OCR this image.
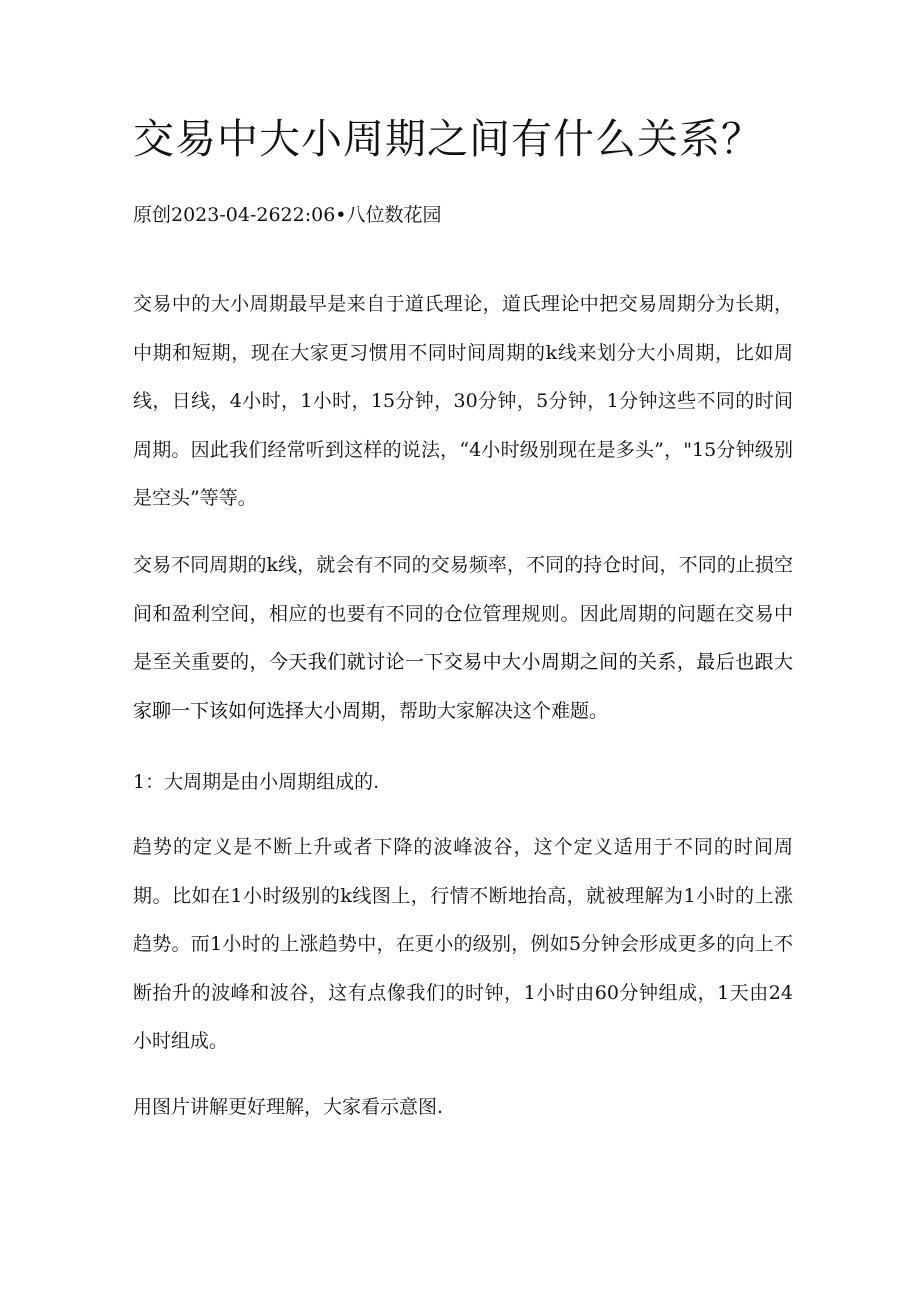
交易中大小周期之间有什么关系？
原创2023-04-2622:06•八位数花园

交易中的大小周期最早是来自于道氏理论，道氏理论中把交易周期分为长期，中期和短期，现在大家更习惯用不同时间周期的k线来划分大小周期，比如周线，日线，4小时，1小时，15分钟，30分钟，5分钟，1分钟这些不同的时间周期。因此我们经常听到这样的说法，“4小时级别现在是多头”，"15分钟级别是空头”等等。

交易不同周期的k线，就会有不同的交易频率，不同的持仓时间，不同的止损空间和盈利空间，相应的也要有不同的仓位管理规则。因此周期的问题在交易中是至关重要的，今天我们就讨论一下交易中大小周期之间的关系，最后也跟大家聊一下该如何选择大小周期，帮助大家解决这个难题。

1：大周期是由小周期组成的.

趋势的定义是不断上升或者下降的波峰波谷，这个定义适用于不同的时间周期。比如在1小时级别的k线图上，行情不断地抬高，就被理解为1小时的上涨趋势。而1小时的上涨趋势中，在更小的级别，例如5分钟会形成更多的向上不断抬升的波峰和波谷，这有点像我们的时钟，1小时由60分钟组成，1天由24小时组成。

用图片讲解更好理解，大家看示意图.
